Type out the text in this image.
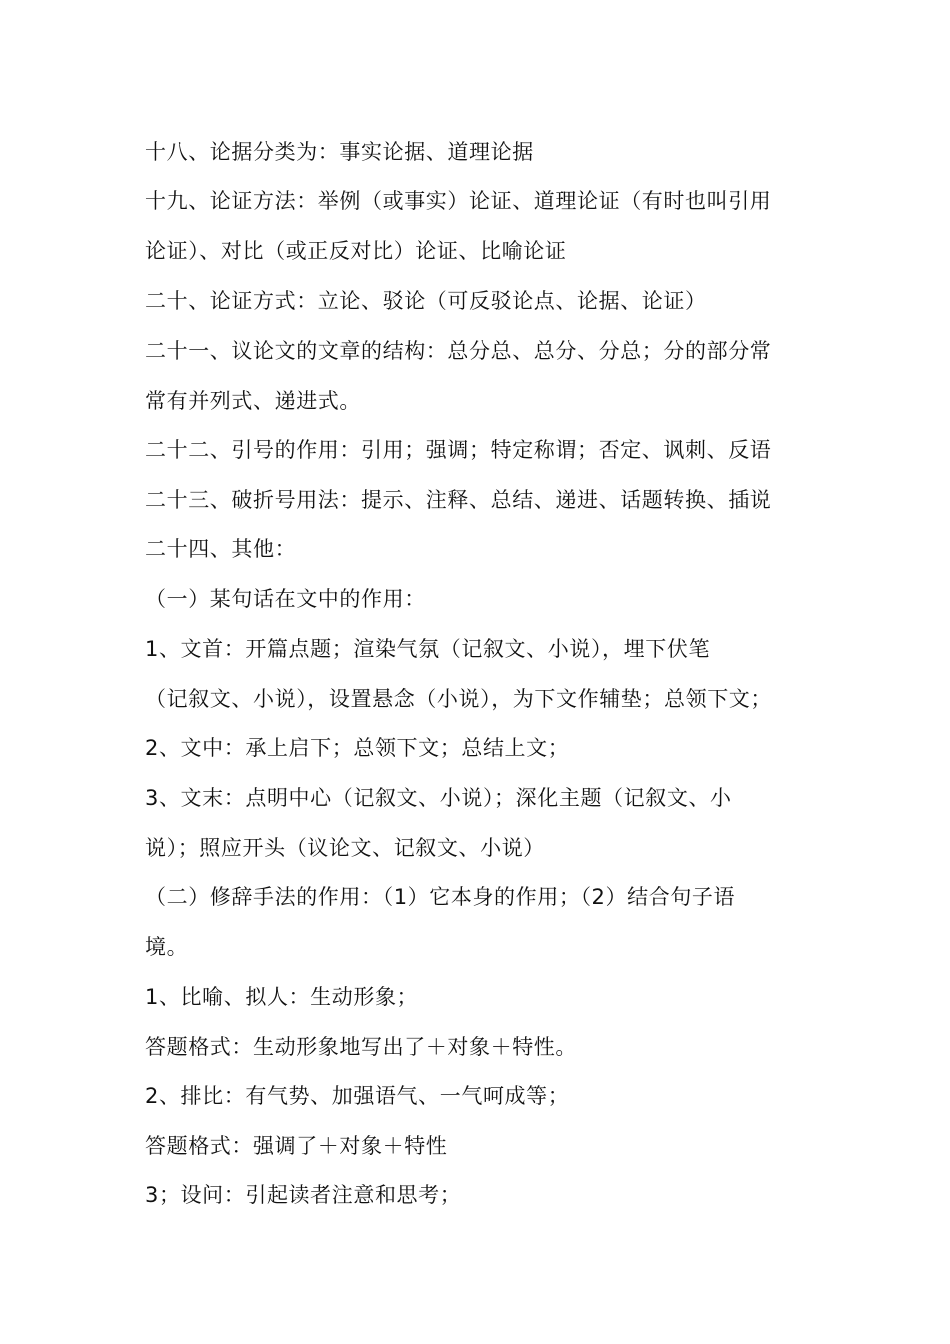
十八、论据分类为：事实论据、道理论据
十九、论证方法：举例（或事实）论证、道理论证（有时也叫引用
论证）、对比（或正反对比）论证、比喻论证
二十、论证方式：立论、驳论（可反驳论点、论据、论证）
二十一、议论文的文章的结构：总分总、总分、分总；分的部分常
常有并列式、递进式。
二十二、引号的作用：引用；强调；特定称谓；否定、讽刺、反语
二十三、破折号用法：提示、注释、总结、递进、话题转换、插说
二十四、其他：
（一）某句话在文中的作用：
1、文首：开篇点题；渲染气氛（记叙文、小说），埋下伏笔
（记叙文、小说），设置悬念（小说），为下文作辅垫；总领下文；
2、文中：承上启下；总领下文；总结上文；
3、文末：点明中心（记叙文、小说）；深化主题（记叙文、小
说）；照应开头（议论文、记叙文、小说）
（二）修辞手法的作用：（1）它本身的作用；（2）结合句子语
境。
1、比喻、拟人：生动形象；
答题格式：生动形象地写出了＋对象＋特性。
2、排比：有气势、加强语气、一气呵成等；
答题格式：强调了＋对象＋特性
3；设问：引起读者注意和思考；
